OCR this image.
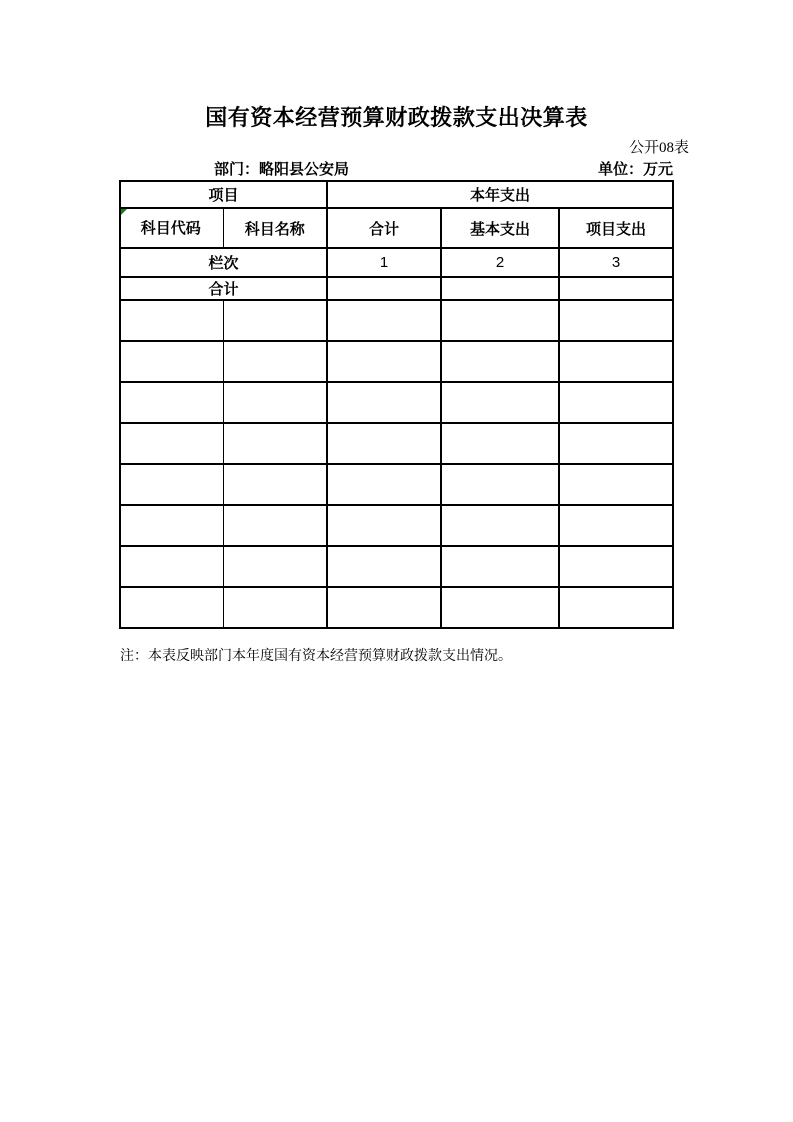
国有资本经营预算财政拨款支出决算表
公开08表
部门：略阳县公安局	单位：万元
项目		本年支出		

科目代码	科目名称	合计	基本支出	项目支出
栏次		1	2	3
合计				

注：本表反映部门本年度国有资本经营预算财政拨款支出情况。
